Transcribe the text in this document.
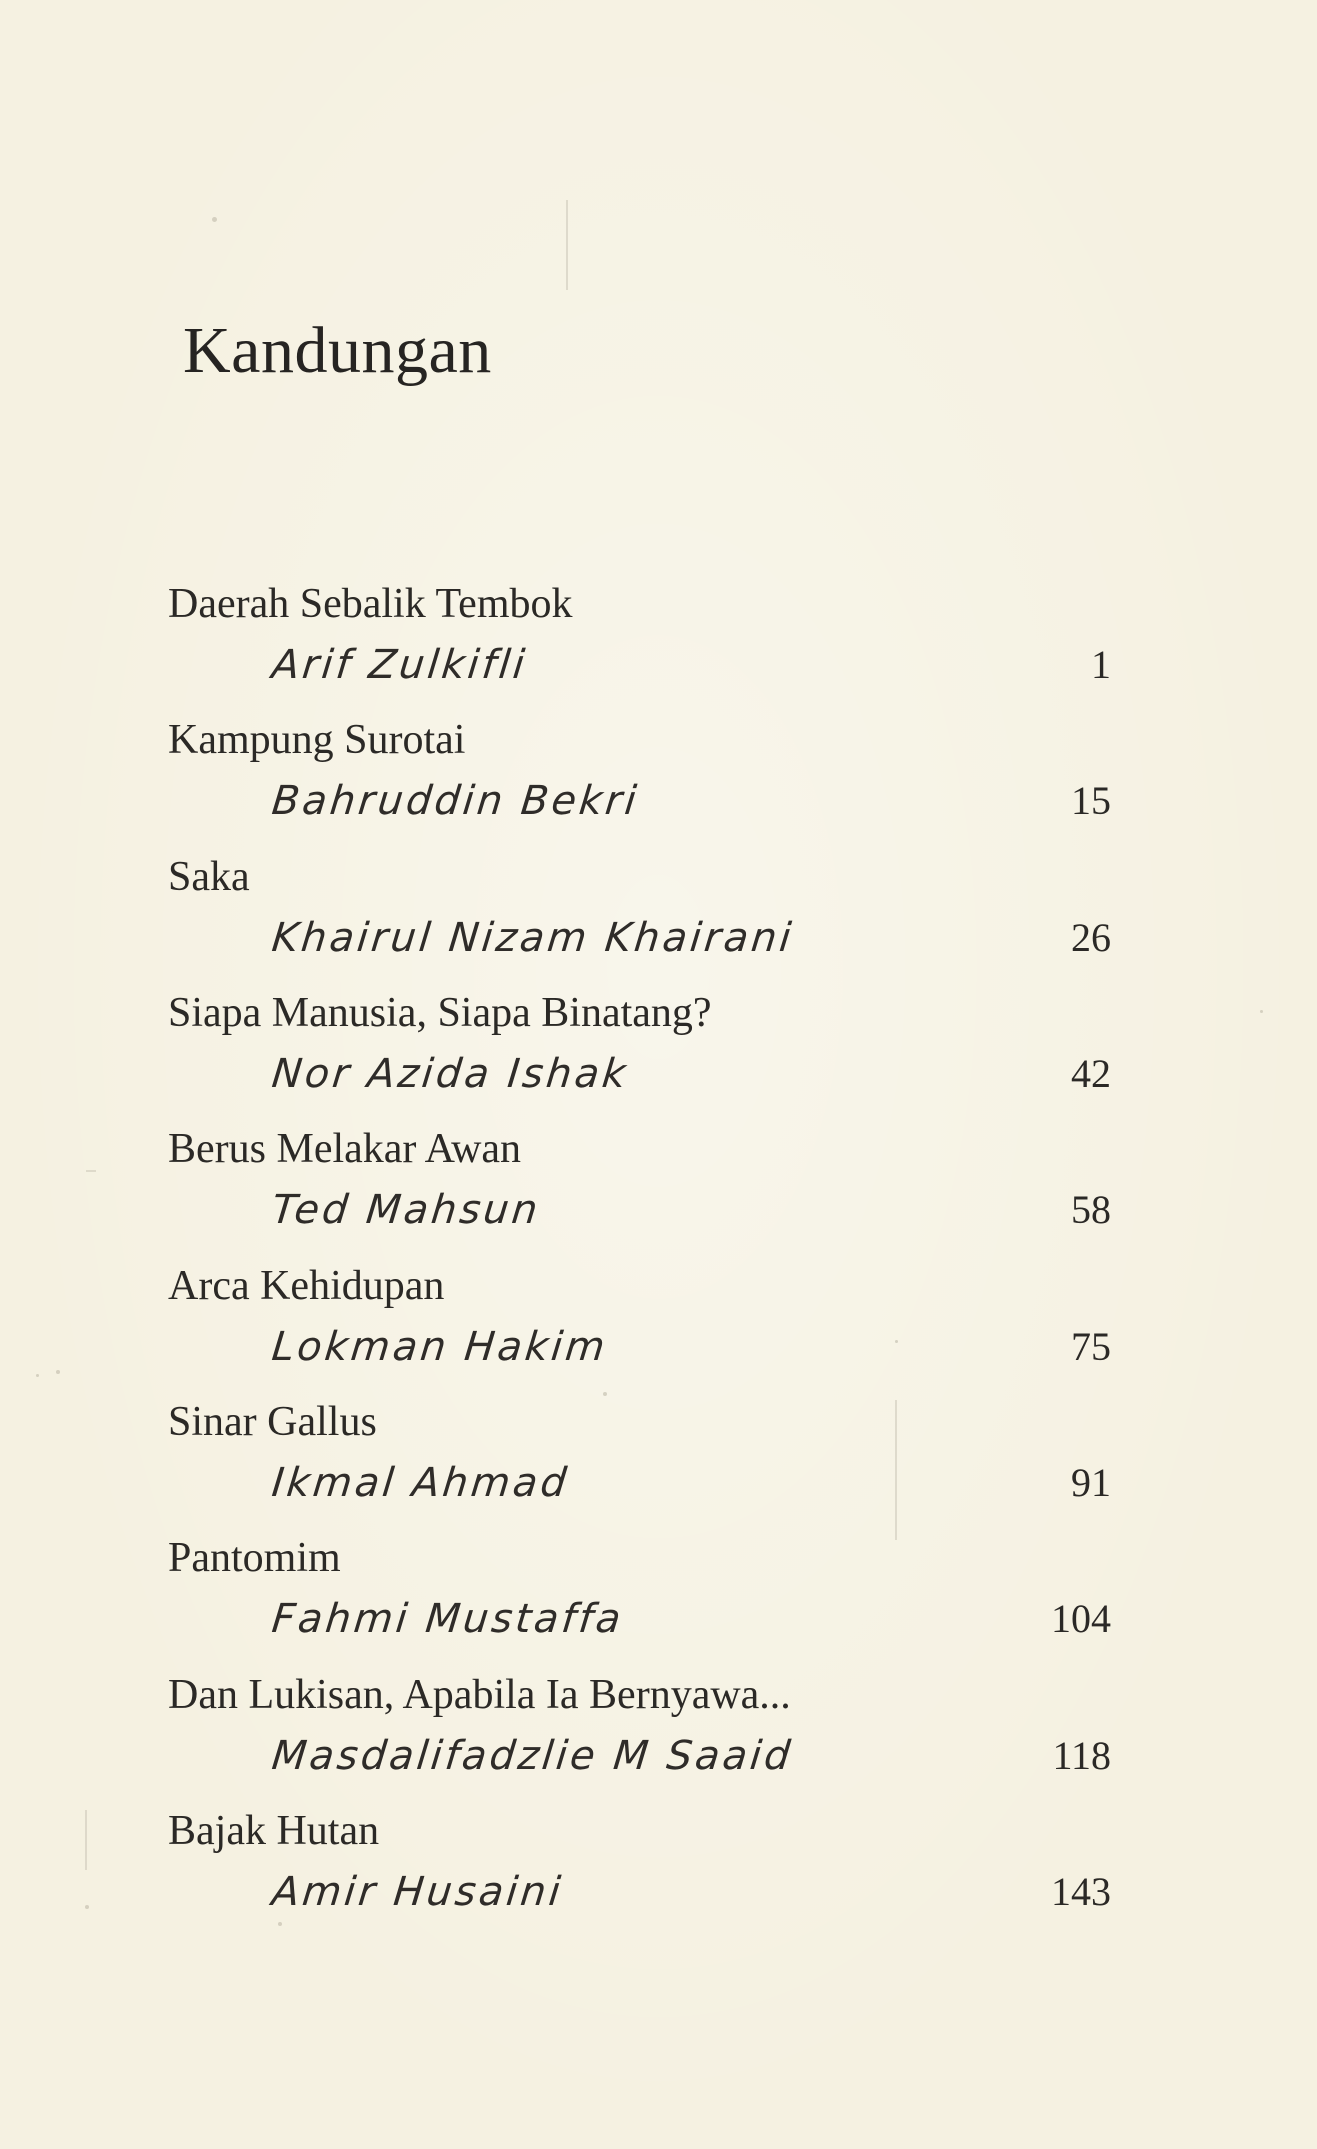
Kandungan
Daerah Sebalik Tembok
Arif Zulkifli	1
Kampung Surotai
Bahruddin Bekri	15
Saka
Khairul Nizam Khairani	26
Siapa Manusia, Siapa Binatang?
Nor Azida Ishak	42
Berus Melakar Awan
Ted Mahsun	58
Arca Kehidupan
Lokman Hakim	75
Sinar Gallus
Ikmal Ahmad	91
Pantomim
Fahmi Mustaffa	104
Dan Lukisan, Apabila Ia Bernyawa...
Masdalifadzlie M Saaid	118
Bajak Hutan
Amir Husaini	143
